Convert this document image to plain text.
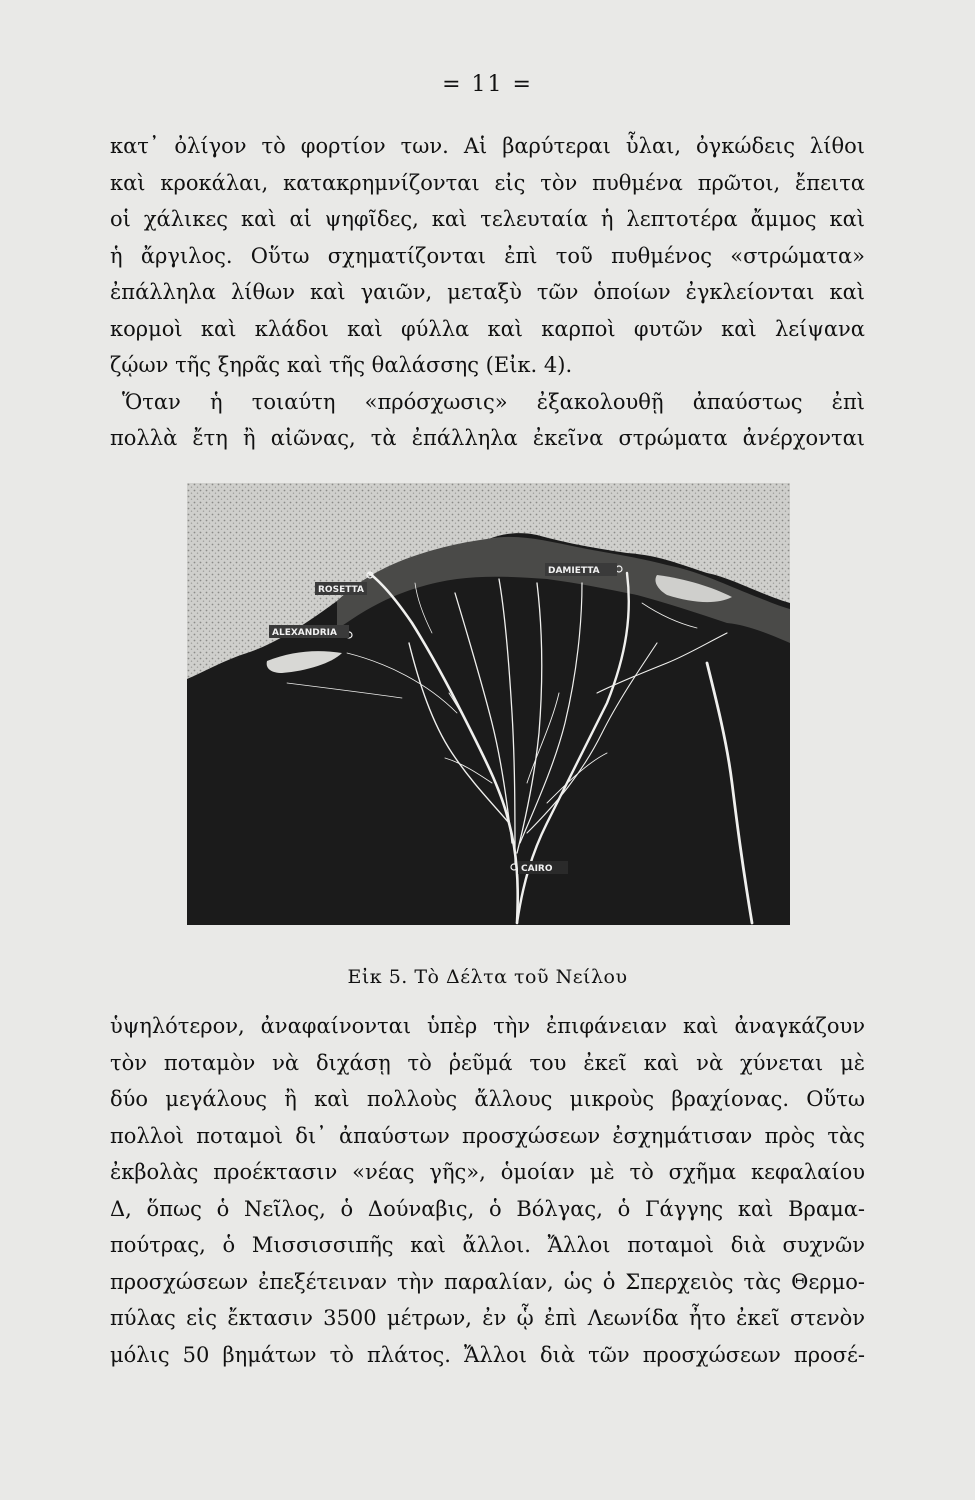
= 11 =
κατ᾽ ὀλίγον τὸ φορτίον των. Αἱ βαρύτεραι ὗλαι, ὀγκώδεις λίθοι
καὶ κροκάλαι, κατακρημνίζονται εἰς τὸν πυθμένα πρῶτοι, ἔπειτα
οἱ χάλικες καὶ αἱ ψηφῖδες, καὶ τελευταία ἡ λεπτοτέρα ἄμμος καὶ
ἡ ἄργιλος. Οὕτω σχηματίζονται ἐπὶ τοῦ πυθμένος «στρώματα»
ἐπάλληλα λίθων καὶ γαιῶν, μεταξὺ τῶν ὁποίων ἐγκλείονται καὶ
κορμοὶ καὶ κλάδοι καὶ φύλλα καὶ καρποὶ φυτῶν καὶ λείψανα
ζῴων τῆς ξηρᾶς καὶ τῆς θαλάσσης (Εἰκ. 4).
Ὅταν ἡ τοιαύτη «πρόσχωσις» ἐξακολουθῇ ἀπαύστως ἐπὶ
πολλὰ ἔτη ἢ αἰῶνας, τὰ ἐπάλληλα ἐκεῖνα στρώματα ἀνέρχονται
ROSETTA
ALEXANDRIA
DAMIETTA
CAIRO
Εἰκ 5. Τὸ Δέλτα τοῦ Νείλου
ὑψηλότερον, ἀναφαίνονται ὑπὲρ τὴν ἐπιφάνειαν καὶ ἀναγκάζουν
τὸν ποταμὸν νὰ διχάσῃ τὸ ῥεῦμά του ἐκεῖ καὶ νὰ χύνεται μὲ
δύο μεγάλους ἢ καὶ πολλοὺς ἄλλους μικροὺς βραχίονας. Οὕτω
πολλοὶ ποταμοὶ δι᾽ ἀπαύστων προσχώσεων ἐσχημάτισαν πρὸς τὰς
ἐκβολὰς προέκτασιν «νέας γῆς», ὁμοίαν μὲ τὸ σχῆμα κεφαλαίου
Δ, ὅπως ὁ Νεῖλος, ὁ Δούναβις, ὁ Βόλγας, ὁ Γάγγης καὶ Βραμα-
πούτρας, ὁ Μισσισσιπῆς καὶ ἄλλοι. Ἄλλοι ποταμοὶ διὰ συχνῶν
προσχώσεων ἐπεξέτειναν τὴν παραλίαν, ὡς ὁ Σπερχειὸς τὰς Θερμο-
πύλας εἰς ἔκτασιν 3500 μέτρων, ἐν ᾧ ἐπὶ Λεωνίδα ἦτο ἐκεῖ στενὸν
μόλις 50 βημάτων τὸ πλάτος. Ἄλλοι διὰ τῶν προσχώσεων προσέ-
